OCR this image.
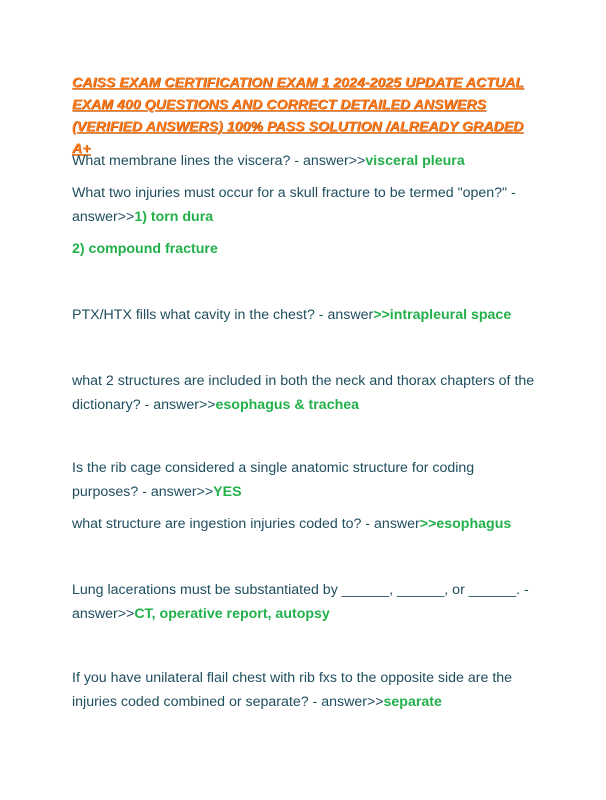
CAISS EXAM CERTIFICATION EXAM 1 2024-2025 UPDATE ACTUAL EXAM 400 QUESTIONS AND CORRECT DETAILED ANSWERS (VERIFIED ANSWERS) 100% PASS SOLUTION /ALREADY GRADED A+
What membrane lines the viscera? - answer>>visceral pleura
What two injuries must occur for a skull fracture to be termed "open?" - answer>>1) torn dura
2) compound fracture
PTX/HTX fills what cavity in the chest? - answer>>intrapleural space
what 2 structures are included in both the neck and thorax chapters of the dictionary? - answer>>esophagus & trachea
Is the rib cage considered a single anatomic structure for coding purposes? - answer>>YES
what structure are ingestion injuries coded to? - answer>>esophagus
Lung lacerations must be substantiated by ______, ______, or ______. - answer>>CT, operative report, autopsy
If you have unilateral flail chest with rib fxs to the opposite side are the injuries coded combined or separate? - answer>>separate
